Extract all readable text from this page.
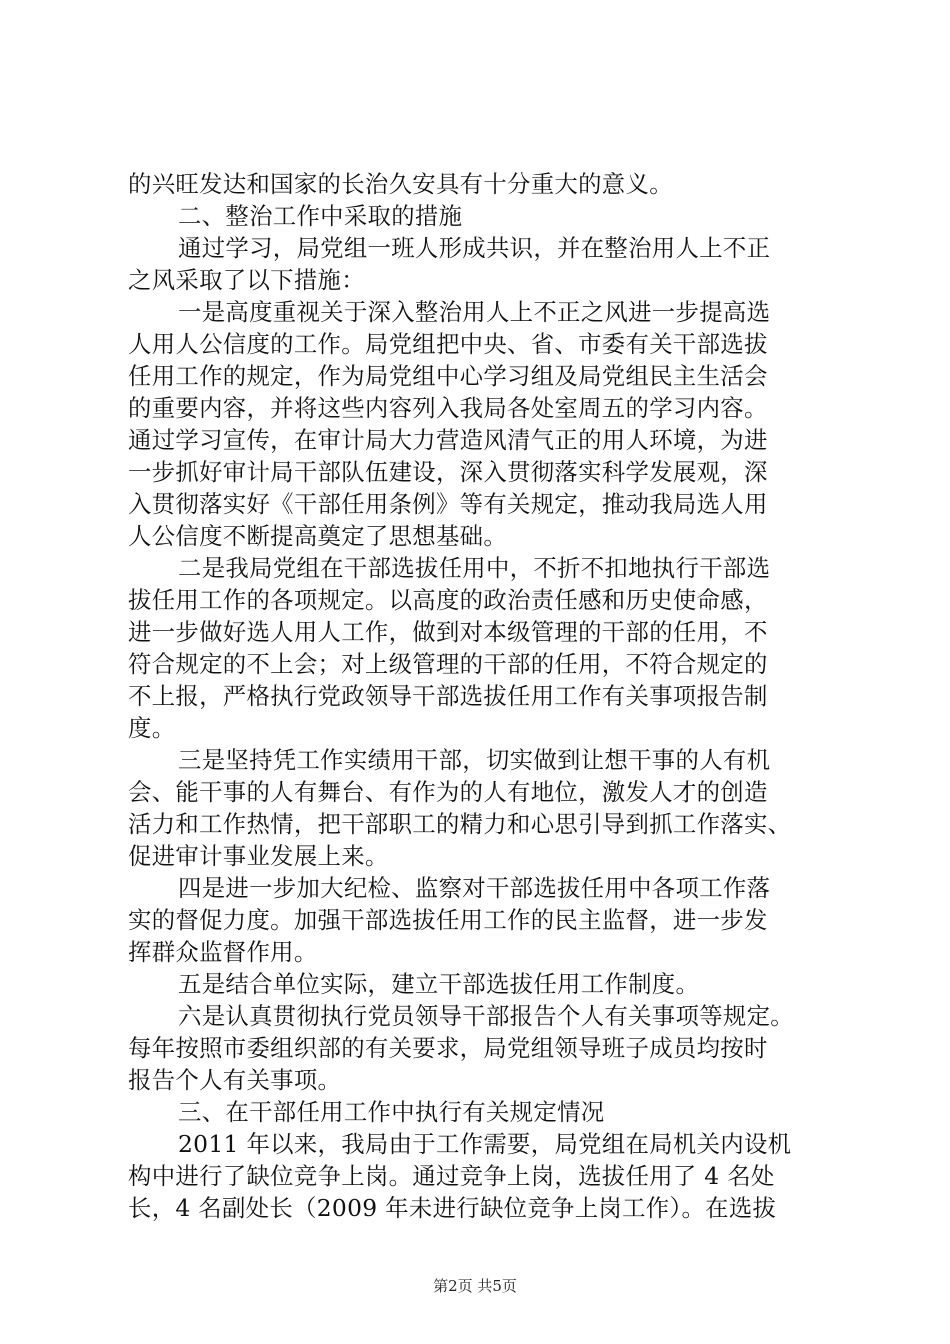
的兴旺发达和国家的长治久安具有十分重大的意义。
二、整治工作中采取的措施
通过学习，局党组一班人形成共识，并在整治用人上不正
之风采取了以下措施：
一是高度重视关于深入整治用人上不正之风进一步提高选
人用人公信度的工作。局党组把中央、省、市委有关干部选拔
任用工作的规定，作为局党组中心学习组及局党组民主生活会
的重要内容，并将这些内容列入我局各处室周五的学习内容。
通过学习宣传，在审计局大力营造风清气正的用人环境，为进
一步抓好审计局干部队伍建设，深入贯彻落实科学发展观，深
入贯彻落实好《干部任用条例》等有关规定，推动我局选人用
人公信度不断提高奠定了思想基础。
二是我局党组在干部选拔任用中，不折不扣地执行干部选
拔任用工作的各项规定。以高度的政治责任感和历史使命感，
进一步做好选人用人工作，做到对本级管理的干部的任用，不
符合规定的不上会；对上级管理的干部的任用，不符合规定的
不上报，严格执行党政领导干部选拔任用工作有关事项报告制
度。
三是坚持凭工作实绩用干部，切实做到让想干事的人有机
会、能干事的人有舞台、有作为的人有地位，激发人才的创造
活力和工作热情，把干部职工的精力和心思引导到抓工作落实、
促进审计事业发展上来。
四是进一步加大纪检、监察对干部选拔任用中各项工作落
实的督促力度。加强干部选拔任用工作的民主监督，进一步发
挥群众监督作用。
五是结合单位实际，建立干部选拔任用工作制度。
六是认真贯彻执行党员领导干部报告个人有关事项等规定。
每年按照市委组织部的有关要求，局党组领导班子成员均按时
报告个人有关事项。
三、在干部任用工作中执行有关规定情况
2011 年以来，我局由于工作需要，局党组在局机关内设机
构中进行了缺位竞争上岗。通过竞争上岗，选拔任用了 4 名处
长，4 名副处长（2009 年未进行缺位竞争上岗工作）。在选拔
第2页 共5页
